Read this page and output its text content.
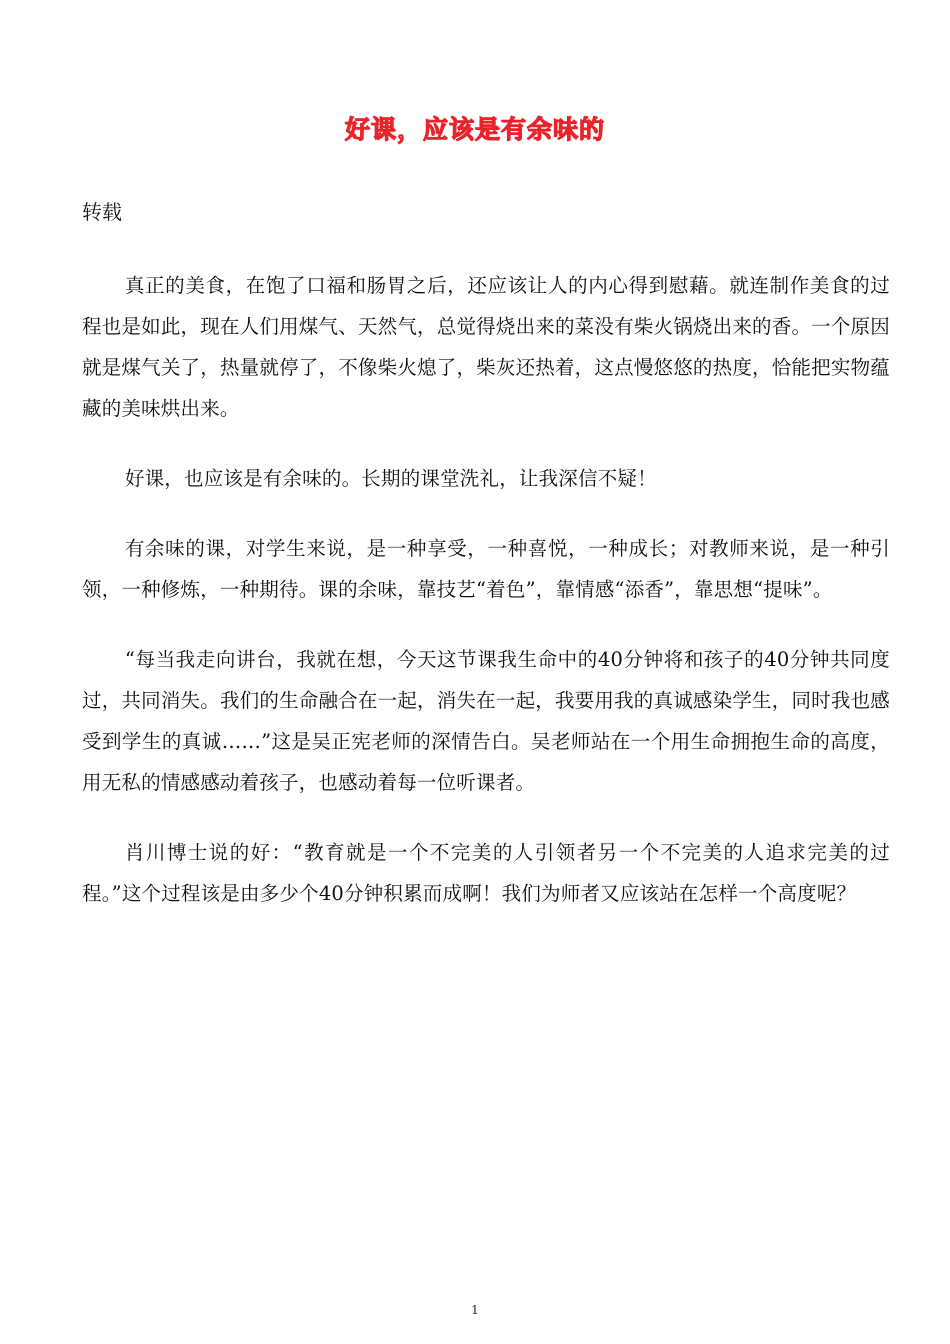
好课，应该是有余味的

转载

真正的美食，在饱了口福和肠胃之后，还应该让人的内心得到慰藉。就连制作美食的过程也是如此，现在人们用煤气、天然气，总觉得烧出来的菜没有柴火锅烧出来的香。一个原因就是煤气关了，热量就停了，不像柴火熄了，柴灰还热着，这点慢悠悠的热度，恰能把实物蕴藏的美味烘出来。

好课，也应该是有余味的。长期的课堂洗礼，让我深信不疑！

有余味的课，对学生来说，是一种享受，一种喜悦，一种成长；对教师来说，是一种引领，一种修炼，一种期待。课的余味，靠技艺“着色”，靠情感“添香”，靠思想“提味”。

“每当我走向讲台，我就在想，今天这节课我生命中的40分钟将和孩子的40分钟共同度过，共同消失。我们的生命融合在一起，消失在一起，我要用我的真诚感染学生，同时我也感受到学生的真诚……”这是吴正宪老师的深情告白。吴老师站在一个用生命拥抱生命的高度，用无私的情感感动着孩子，也感动着每一位听课者。

肖川博士说的好：“教育就是一个不完美的人引领者另一个不完美的人追求完美的过程。”这个过程该是由多少个40分钟积累而成啊！我们为师者又应该站在怎样一个高度呢？

1
